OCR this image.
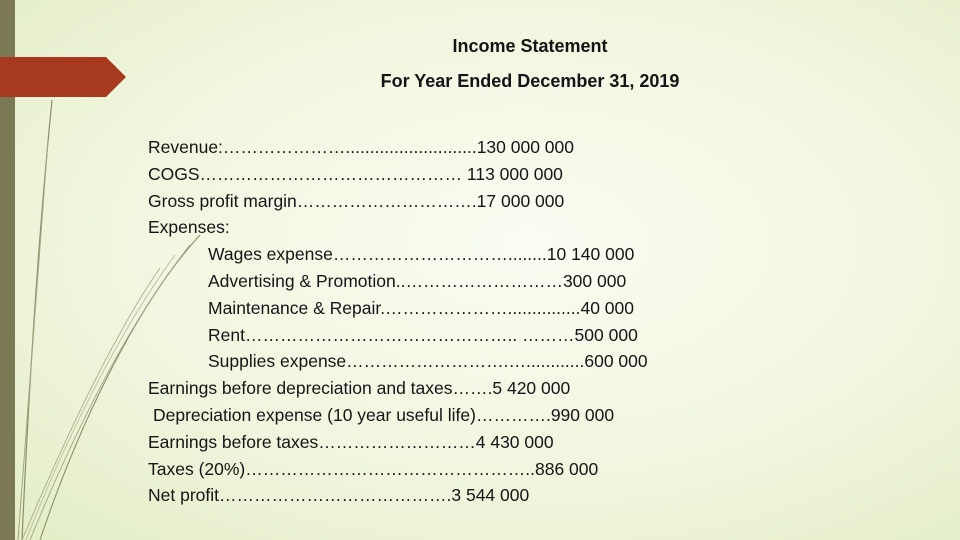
Income Statement
For Year Ended December 31, 2019
Revenue:…………………...........................130 000 000
COGS……………………………………… 113 000 000
Gross profit margin………………………….17 000 000
Expenses:
Wages expense…………………………........10 140 000
Advertising & Promotion..………………………300 000
Maintenance & Repair.…………………...............40 000
Rent……………………………………….. ………500 000
Supplies expense……………………….…............600 000
Earnings before depreciation and taxes…….5 420 000
Depreciation expense (10 year useful life)………….990 000
Earnings before taxes………………………4 430 000
Taxes (20%)…………………………………………..886 000
Net profit………………………………….3 544 000
